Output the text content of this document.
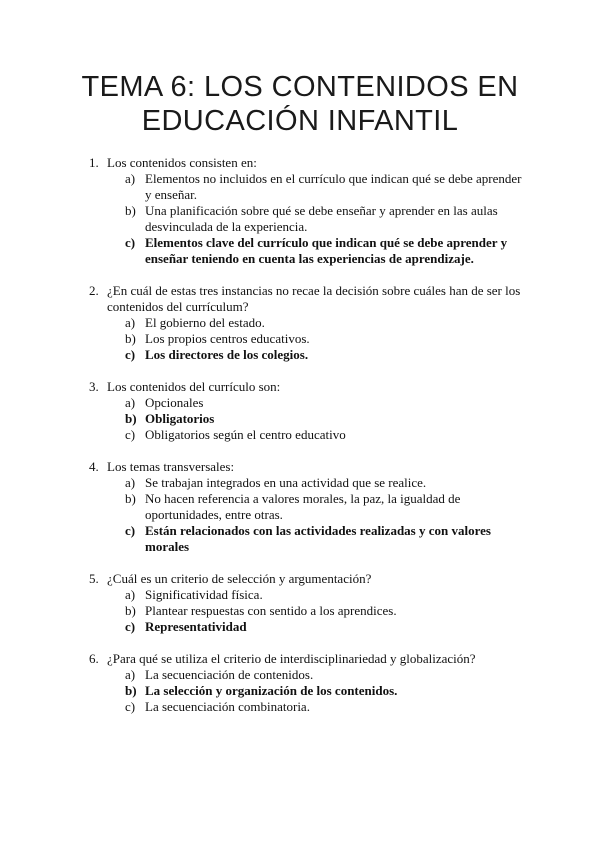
TEMA 6: LOS CONTENIDOS EN
EDUCACIÓN INFANTIL
1. Los contenidos consisten en:
a) Elementos no incluidos en el currículo que indican qué se debe aprender y enseñar.
b) Una planificación sobre qué se debe enseñar y aprender en las aulas desvinculada de la experiencia.
c) Elementos clave del currículo que indican qué se debe aprender y enseñar teniendo en cuenta las experiencias de aprendizaje.
2. ¿En cuál de estas tres instancias no recae la decisión sobre cuáles han de ser los contenidos del currículum?
a) El gobierno del estado.
b) Los propios centros educativos.
c) Los directores de los colegios.
3. Los contenidos del currículo son:
a) Opcionales
b) Obligatorios
c) Obligatorios según el centro educativo
4. Los temas transversales:
a) Se trabajan integrados en una actividad que se realice.
b) No hacen referencia a valores morales, la paz, la igualdad de oportunidades, entre otras.
c) Están relacionados con las actividades realizadas y con valores morales
5. ¿Cuál es un criterio de selección y argumentación?
a) Significatividad física.
b) Plantear respuestas con sentido a los aprendices.
c) Representatividad
6. ¿Para qué se utiliza el criterio de interdisciplinariedad y globalización?
a) La secuenciación de contenidos.
b) La selección y organización de los contenidos.
c) La secuenciación combinatoria.
